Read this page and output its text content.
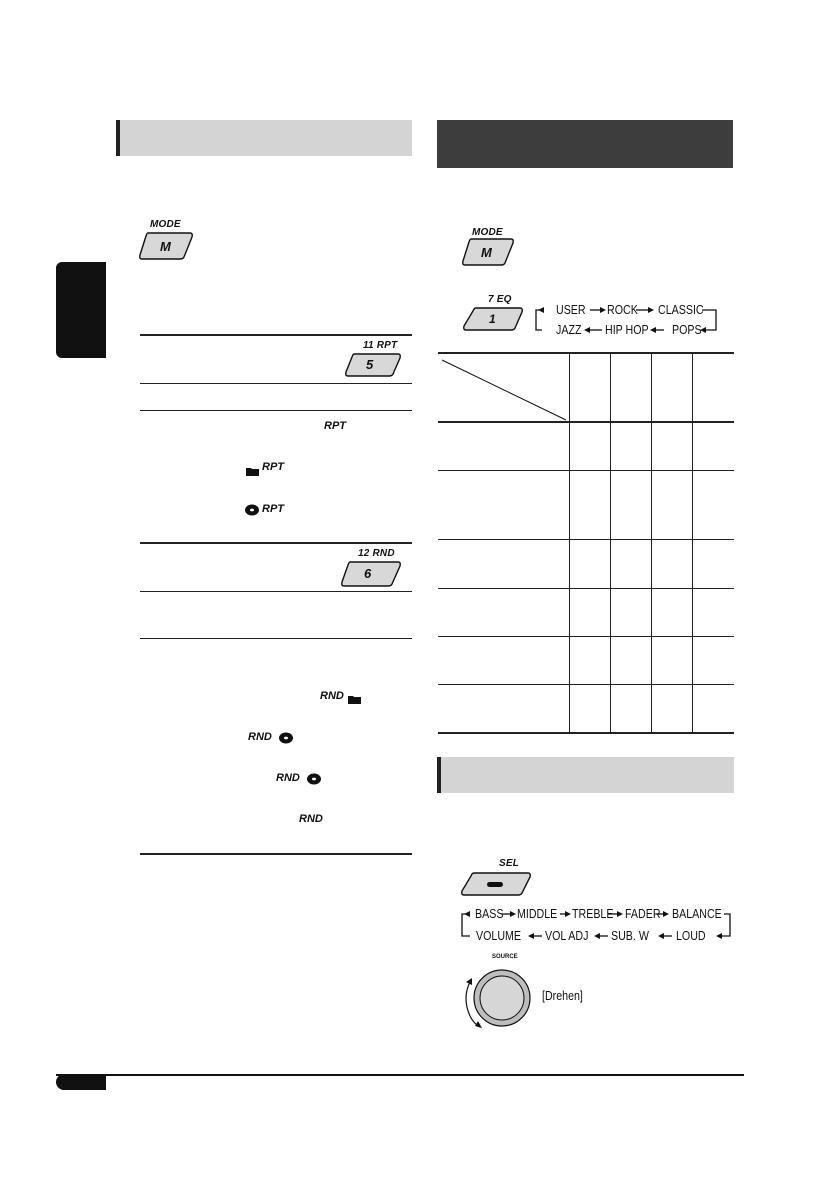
MODE
M
11 RPT
5
RPT
RPT
RPT
12 RND
6
RND
RND
RND
RND
MODE
M
7 EQ
1
USER ROCK CLASSIC
JAZZ HIP HOP POPS
SEL
BASS MIDDLE TREBLE FADER BALANCE
VOLUME VOL ADJ SUB. W LOUD
SOURCE
[Drehen]
